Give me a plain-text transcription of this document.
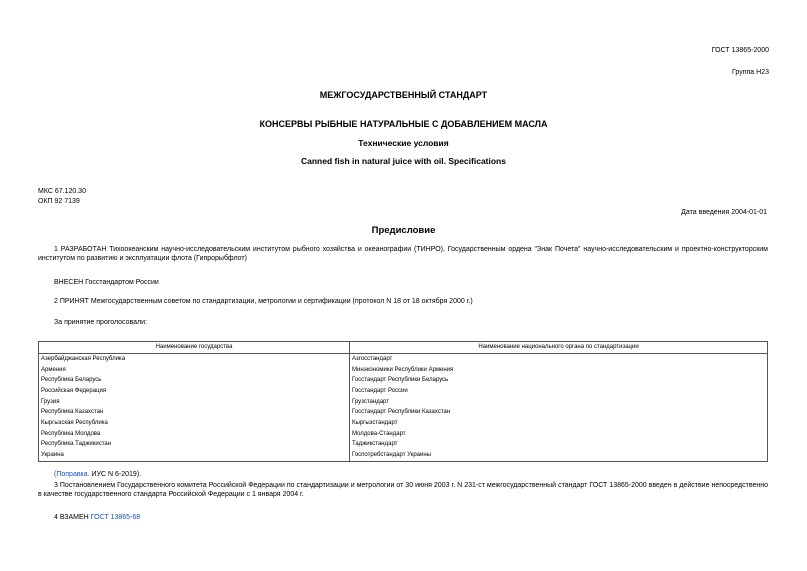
ГОСТ 13865-2000
Группа Н23
МЕЖГОСУДАРСТВЕННЫЙ СТАНДАРТ
КОНСЕРВЫ РЫБНЫЕ НАТУРАЛЬНЫЕ С ДОБАВЛЕНИЕМ МАСЛА
Технические условия
Canned fish in natural juice with oil. Specifications
МКС 67.120.30
ОКП 92 7139
Дата введения 2004-01-01
Предисловие
1 РАЗРАБОТАН Тихоокеанским научно-исследовательским институтом рыбного хозяйства и океанографии (ТИНРО), Государственным ордена "Знак Почета" научно-исследовательским и проектно-конструкторским институтом по развитию и эксплуатации флота (Гипрорыбфлот)
ВНЕСЕН Госстандартом России
2 ПРИНЯТ Межгосударственным советом по стандартизации, метрологии и сертификации (протокол N 18 от 18 октября 2000 г.)
За принятие проголосовали:
Наименование государства	Наименование национального органа по стандартизации
Азербайджанская Республика	Азгосстандарт
Армения	Минэкономики Республики Армения
Республика Беларусь	Госстандарт Республики Беларусь
Российская Федерация	Госстандарт России
Грузия	Грузстандарт
Республика Казахстан	Госстандарт Республики Казахстан
Кыргызская Республика	Кыргызстандарт
Республика Молдова	Молдова-Стандарт
Республика Таджикистан	Таджикстандарт
Украина	Госпотребстандарт Украины
(Поправка. ИУС N 6-2019).
3 Постановлением Государственного комитета Российской Федерации по стандартизации и метрологии от 30 июня 2003 г. N 231-ст межгосударственный стандарт ГОСТ 13865-2000 введен в действие непосредственно в качестве государственного стандарта Российской Федерации с 1 января 2004 г.
4 ВЗАМЕН ГОСТ 13865-68
